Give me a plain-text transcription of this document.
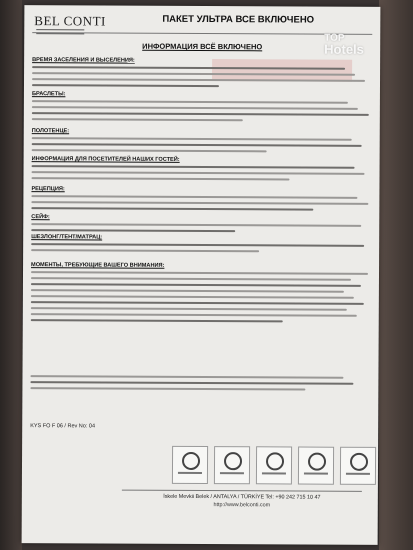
BEL CONTI	ПАКЕТ УЛЬТРА ВСЕ ВКЛЮЧЕНО
ИНФОРМАЦИЯ ВСЁ ВКЛЮЧЕНО
TOP
Hotels
ВРЕМЯ ЗАСЕЛЕНИЯ И ВЫСЕЛЕНИЯ:
БРАСЛЕТЫ:
ПОЛОТЕНЦЕ:
ИНФОРМАЦИЯ ДЛЯ ПОСЕТИТЕЛЕЙ НАШИХ ГОСТЕЙ:
РЕЦЕПЦИЯ:
СЕЙФ:
ШЕЗЛОНГ/ТЕНТ/МАТРАЦ:
МОМЕНТЫ, ТРЕБУЮЩИЕ ВАШЕГО ВНИМАНИЯ:
KYS FO F 06 / Rev No: 04
İskele Mevkii Belek / ANTALYA / TÜRKİYE Tel: +90 242 715 10 47
http://www.belconti.com
